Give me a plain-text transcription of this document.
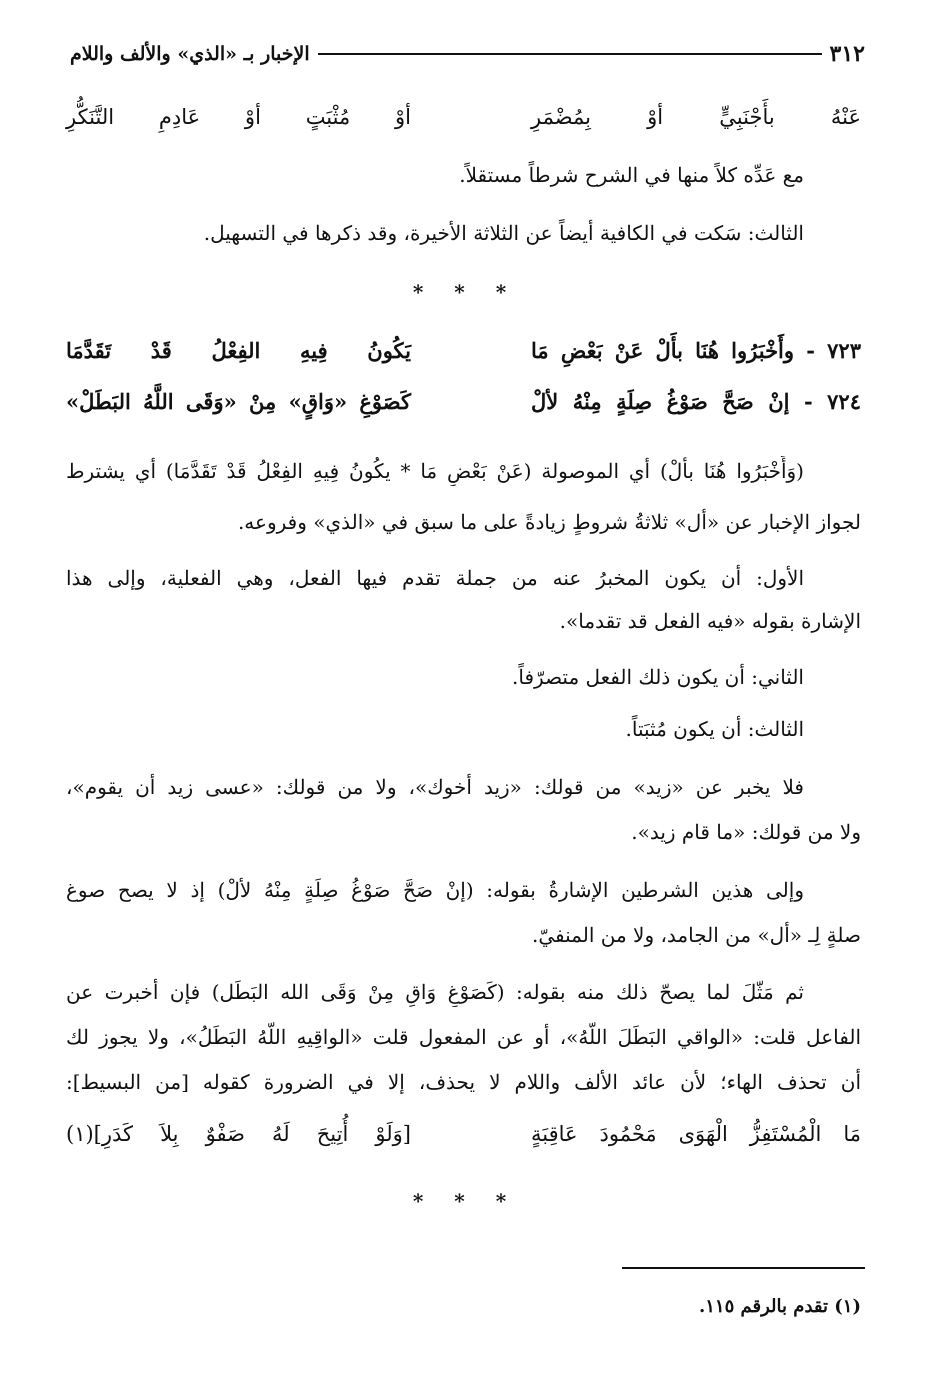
٣١٢
الإخبار بـ «الذي» والألف واللام
عَنْهُ بأَجْنَبِيٍّ أوْ بِمُضْمَرِ
أوْ مُثْبَتٍ أوْ عَادِمِ التَّنَكُّرِ
مع عَدِّه كلاً منها في الشرح شرطاً مستقلاً.
الثالث: سَكت في الكافية أيضاً عن الثلاثة الأخيرة، وقد ذكرها في التسهيل.
* * *
٧٢٣ - وأَخْبَرُوا هُنَا بأَلْ عَنْ بَعْضِ مَا
يَكُونُ فِيهِ الفِعْلُ قَدْ تَقَدَّمَا
٧٢٤ - إنْ صَحَّ صَوْغُ صِلَةٍ مِنْهُ لألْ
كَصَوْغِ «وَاقٍ» مِنْ «وَقَى اللَّهُ البَطَلْ»
(وَأَخْبَرُوا هُنَا بأَلْ) أي الموصولة (عَنْ بَعْضِ مَا * يكُونُ فِيهِ الفِعْلُ قَدْ تَقَدَّمَا) أي يشترط
لجواز الإخبار عن «أل» ثلاثةُ شروطٍ زيادةً على ما سبق في «الذي» وفروعه.
الأول: أن يكون المخبرُ عنه من جملة تقدم فيها الفعل، وهي الفعلية، وإلى هذا
الإشارة بقوله «فيه الفعل قد تقدما».
الثاني: أن يكون ذلك الفعل متصرّفاً.
الثالث: أن يكون مُثبَتاً.
فلا يخبر عن «زيد» من قولك: «زيد أخوك»، ولا من قولك: «عسى زيد أن يقوم»،
ولا من قولك: «ما قام زيد».
وإلى هذين الشرطين الإشارةُ بقوله: (إنْ صَحَّ صَوْغُ صِلَةٍ مِنْهُ لألْ) إذ لا يصح صوغ
صلةٍ لِـ «أل» من الجامد، ولا من المنفيّ.
ثم مَثّلَ لما يصحّ ذلك منه بقوله: (كَصَوْغِ وَاقٍ مِنْ وَقَى الله البَطَل) فإن أخبرت عن
الفاعل قلت: «الواقي البَطَلَ اللَّهُ»، أو عن المفعول قلت «الواقِيهِ اللَّهُ البَطَلُ»، ولا يجوز لك
أن تحذف الهاء؛ لأن عائد الألف واللام لا يحذف، إلا في الضرورة كقوله [من البسيط]:
مَا الْمُسْتَفِزُّ الْهَوَى مَحْمُودَ عَاقِبَةٍ
[وَلَوْ أُتِيحَ لَهُ صَفْوٌ بِلاَ كَدَرِ](١)
* * *
(١) تقدم بالرقم ١١٥.
